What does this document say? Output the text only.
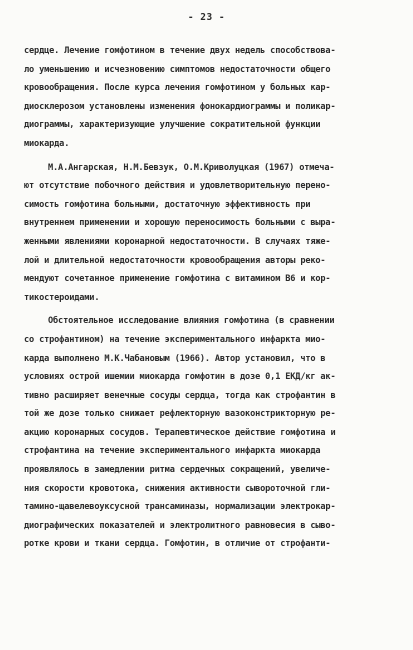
- 23 -
сердце. Лечение гомфотином в течение двух недель способствова-
ло уменьшению и исчезновению симптомов недостаточности общего
кровообращения. После курса лечения гомфотином у больных кар-
диосклерозом установлены изменения фонокардиограммы и поликар-
диограммы, характеризующие улучшение сократительной функции
миокарда.
М.А.Ангарская, Н.М.Бевзук, О.М.Криволуцкая (1967) отмеча-
ют отсутствие побочного действия и удовлетворительную перено-
симость гомфотина больными, достаточную эффективность при
внутреннем применении и хорошую переносимость больными с выра-
женными явлениями коронарной недостаточности. В случаях тяже-
лой и длительной недостаточности кровообращения авторы реко-
мендуют сочетанное применение гомфотина с витамином B6 и кор-
тикостероидами.
Обстоятельное исследование влияния гомфотина (в сравнении
со строфантином) на течение экспериментального инфаркта мио-
карда выполнено М.К.Чабановым (1966). Автор установил, что в
условиях острой ишемии миокарда гомфотин в дозе 0,1 ЕКД/кг ак-
тивно расширяет венечные сосуды сердца, тогда как строфантин в
той же дозе только снижает рефлекторную вазоконстрикторную ре-
акцию коронарных сосудов. Терапевтическое действие гомфотина и
строфантина на течение экспериментального инфаркта миокарда
проявлялось в замедлении ритма сердечных сокращений, увеличе-
ния скорости кровотока, снижения активности сывороточной гли-
тамино-щавелевоуксусной трансаминазы, нормализации электрокар-
диографических показателей и электролитного равновесия в сыво-
ротке крови и ткани сердца. Гомфотин, в отличие от строфанти-
